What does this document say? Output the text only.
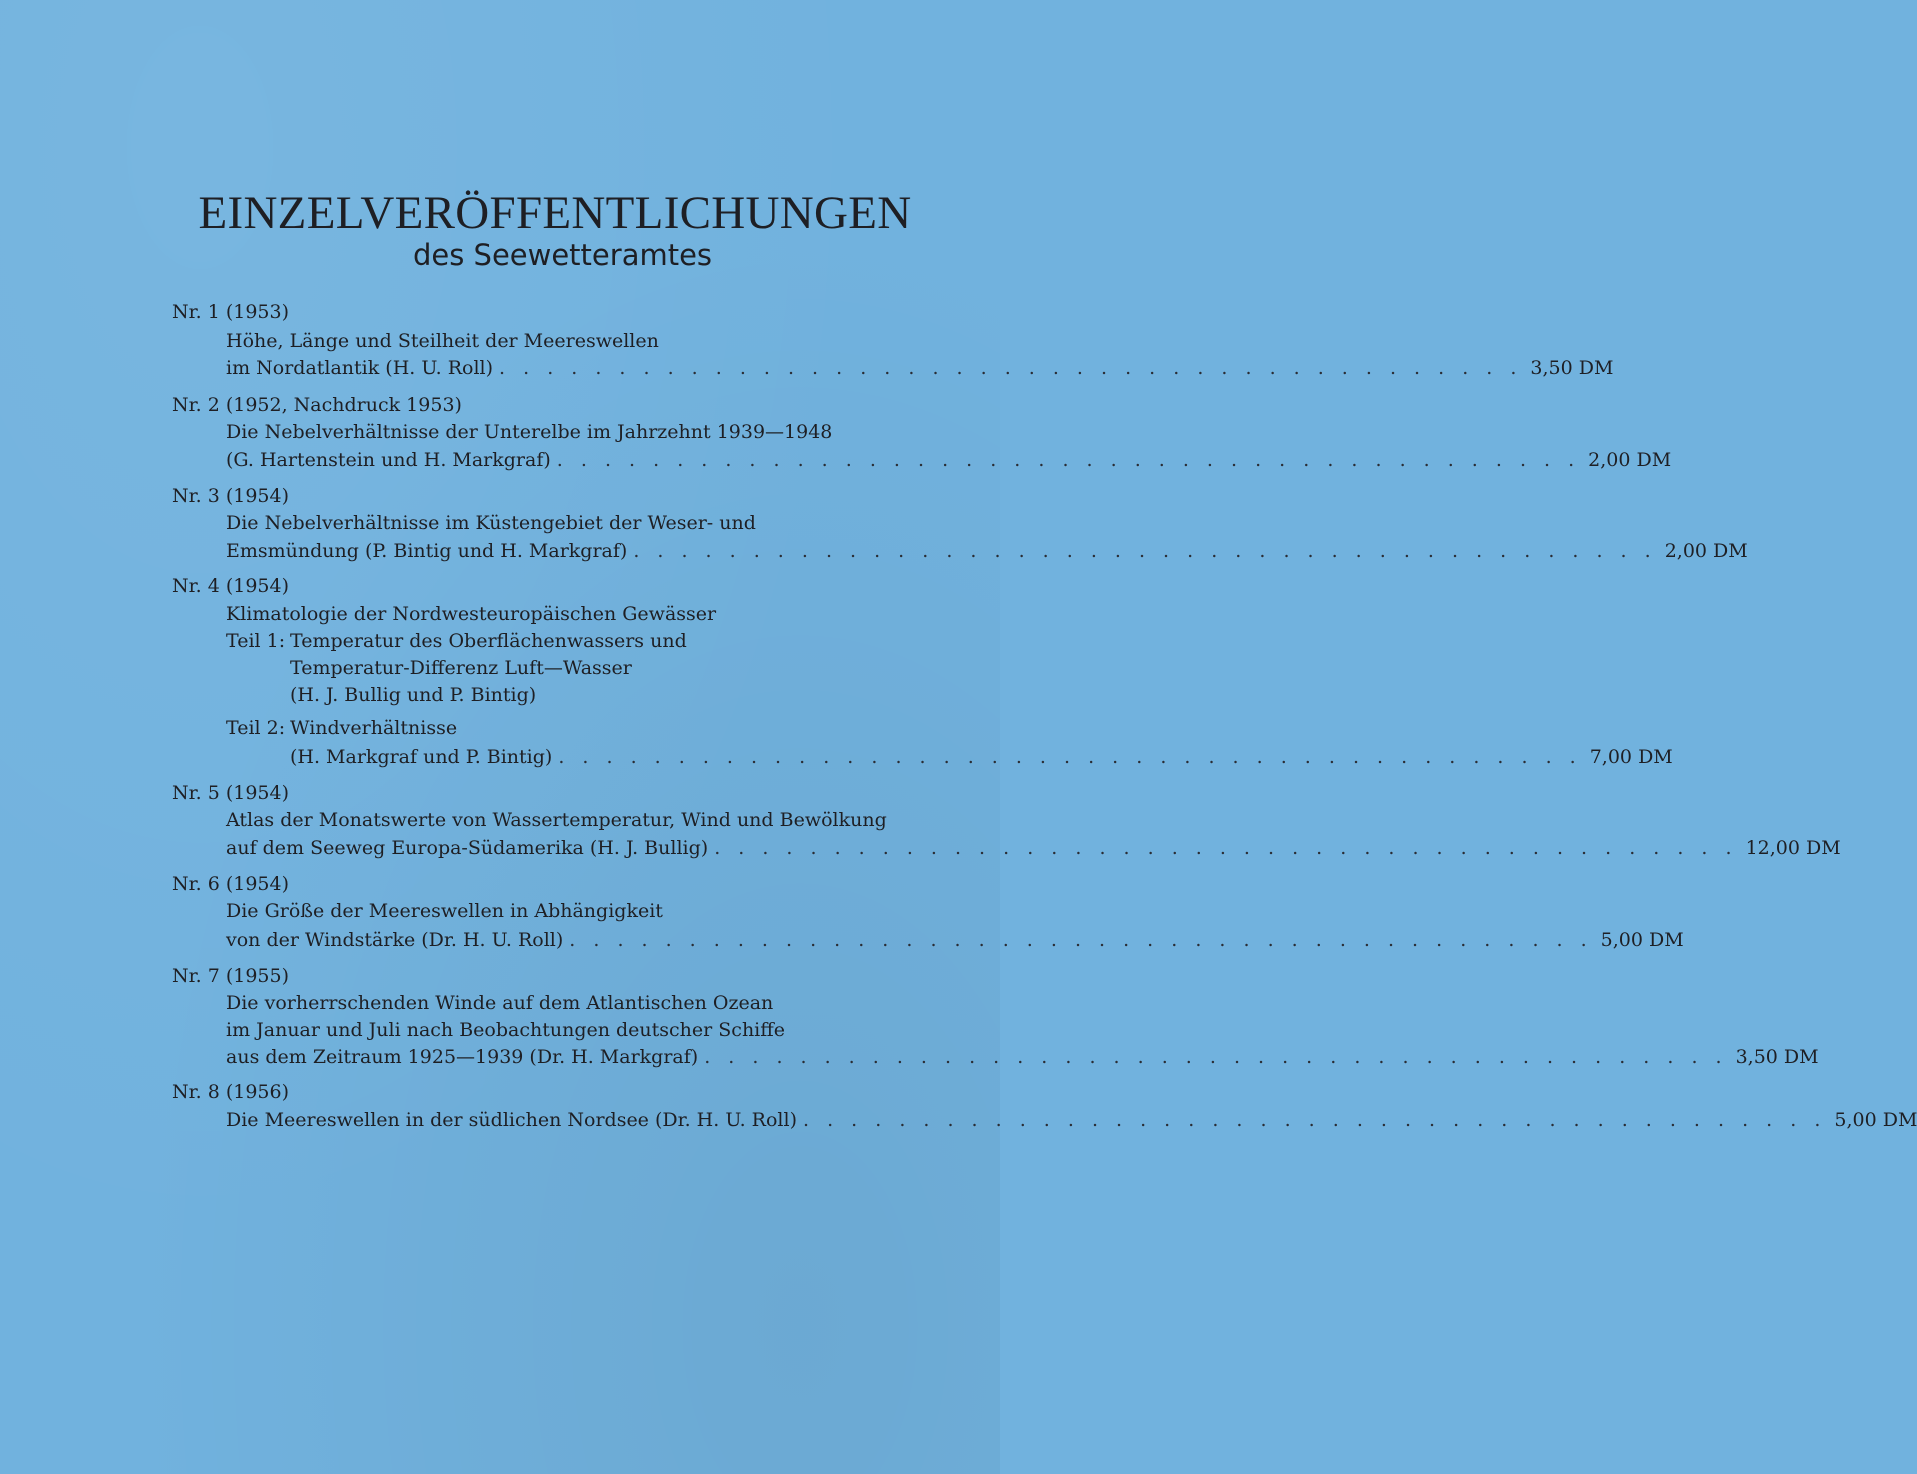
EINZELVERÖFFENTLICHUNGEN
des Seewetteramtes
Nr. 1 (1953)
Höhe, Länge und Steilheit der Meereswellen
im Nordatlantik (H. U. Roll) . . . . . . . . . . . . . . . . . . . . . . . . . . . . . . . . . . . . . . . . . . . 3,50 DM
Nr. 2 (1952, Nachdruck 1953)
Die Nebelverhältnisse der Unterelbe im Jahrzehnt 1939—1948
(G. Hartenstein und H. Markgraf) . . . . . . . . . . . . . . . . . . . . . . . . . . . . . . . . . . . . . . . . . . . 2,00 DM
Nr. 3 (1954)
Die Nebelverhältnisse im Küstengebiet der Weser- und
Emsmündung (P. Bintig und H. Markgraf) . . . . . . . . . . . . . . . . . . . . . . . . . . . . . . . . . . . . . . . . . . . 2,00 DM
Nr. 4 (1954)
Klimatologie der Nordwesteuropäischen Gewässer
Teil 1: Temperatur des Oberflächenwassers und
Temperatur-Differenz Luft—Wasser
(H. J. Bullig und P. Bintig)
Teil 2: Windverhältnisse
(H. Markgraf und P. Bintig) . . . . . . . . . . . . . . . . . . . . . . . . . . . . . . . . . . . . . . . . . . . 7,00 DM
Nr. 5 (1954)
Atlas der Monatswerte von Wassertemperatur, Wind und Bewölkung
auf dem Seeweg Europa-Südamerika (H. J. Bullig) . . . . . . . . . . . . . . . . . . . . . . . . . . . . . . . . . . . . . . . . . . . 12,00 DM
Nr. 6 (1954)
Die Größe der Meereswellen in Abhängigkeit
von der Windstärke (Dr. H. U. Roll) . . . . . . . . . . . . . . . . . . . . . . . . . . . . . . . . . . . . . . . . . . . 5,00 DM
Nr. 7 (1955)
Die vorherrschenden Winde auf dem Atlantischen Ozean
im Januar und Juli nach Beobachtungen deutscher Schiffe
aus dem Zeitraum 1925—1939 (Dr. H. Markgraf) . . . . . . . . . . . . . . . . . . . . . . . . . . . . . . . . . . . . . . . . . . . 3,50 DM
Nr. 8 (1956)
Die Meereswellen in der südlichen Nordsee (Dr. H. U. Roll) . . . . . . . . . . . . . . . . . . . . . . . . . . . . . . . . . . . . . . . . . . . 5,00 DM
